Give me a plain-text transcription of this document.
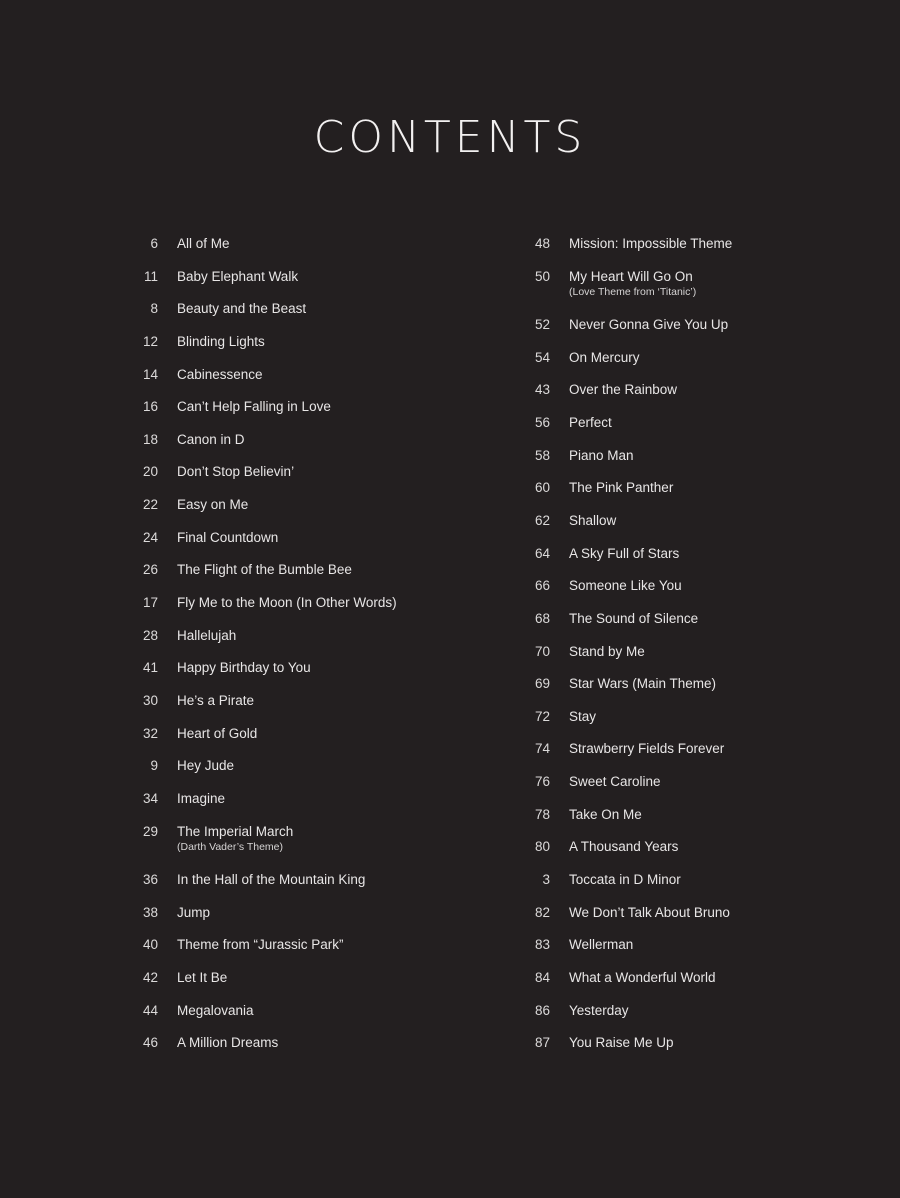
CONTENTS
6 All of Me
11 Baby Elephant Walk
8 Beauty and the Beast
12 Blinding Lights
14 Cabinessence
16 Can’t Help Falling in Love
18 Canon in D
20 Don’t Stop Believin’
22 Easy on Me
24 Final Countdown
26 The Flight of the Bumble Bee
17 Fly Me to the Moon (In Other Words)
28 Hallelujah
41 Happy Birthday to You
30 He’s a Pirate
32 Heart of Gold
9 Hey Jude
34 Imagine
29 The Imperial March
(Darth Vader’s Theme)
36 In the Hall of the Mountain King
38 Jump
40 Theme from “Jurassic Park”
42 Let It Be
44 Megalovania
46 A Million Dreams
48 Mission: Impossible Theme
50 My Heart Will Go On
(Love Theme from ‘Titanic’)
52 Never Gonna Give You Up
54 On Mercury
43 Over the Rainbow
56 Perfect
58 Piano Man
60 The Pink Panther
62 Shallow
64 A Sky Full of Stars
66 Someone Like You
68 The Sound of Silence
70 Stand by Me
69 Star Wars (Main Theme)
72 Stay
74 Strawberry Fields Forever
76 Sweet Caroline
78 Take On Me
80 A Thousand Years
3 Toccata in D Minor
82 We Don’t Talk About Bruno
83 Wellerman
84 What a Wonderful World
86 Yesterday
87 You Raise Me Up
